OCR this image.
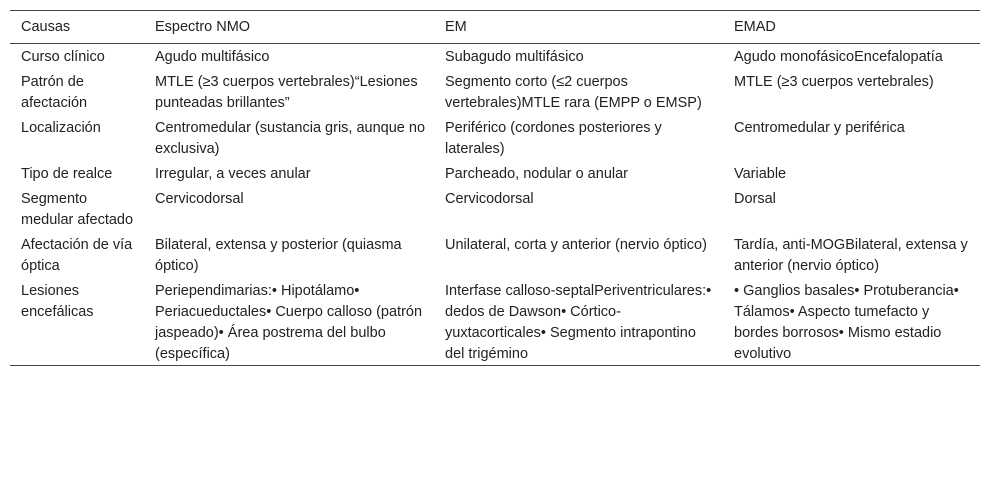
Causas	Espectro NMO	EM	EMAD
Curso clínico	Agudo multifásico	Subagudo multifásico	Agudo monofásicoEncefalopatía
Patrón de afectación	MTLE (≥3 cuerpos vertebrales)“Lesiones punteadas brillantes”	Segmento corto (≤2 cuerpos vertebrales)MTLE rara (EMPP o EMSP)	MTLE (≥3 cuerpos vertebrales)
Localización	Centromedular (sustancia gris, aunque no exclusiva)	Periférico (cordones posteriores y laterales)	Centromedular y periférica
Tipo de realce	Irregular, a veces anular	Parcheado, nodular o anular	Variable
Segmento medular afectado	Cervicodorsal	Cervicodorsal	Dorsal
Afectación de vía óptica	Bilateral, extensa y posterior (quiasma óptico)	Unilateral, corta y anterior (nervio óptico)	Tardía, anti-MOGBilateral, extensa y anterior (nervio óptico)
Lesiones encefálicas	Periependimarias:• Hipotálamo• Periacueductales• Cuerpo calloso (patrón jaspeado)• Área postrema del bulbo (específica)	Interfase calloso-septalPeriventriculares:• dedos de Dawson• Córtico-yuxtacorticales• Segmento intrapontino del trigémino	• Ganglios basales• Protuberancia• Tálamos• Aspecto tumefacto y bordes borrosos• Mismo estadio evolutivo
